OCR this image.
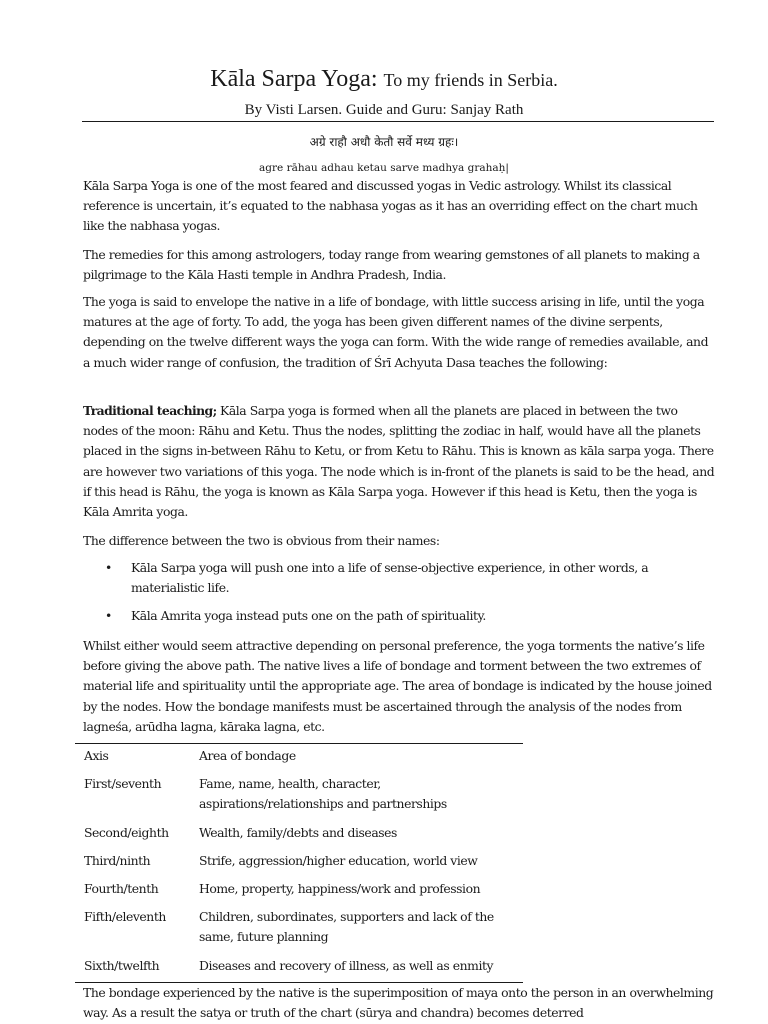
Kāla Sarpa Yoga: To my friends in Serbia.
By Visti Larsen. Guide and Guru: Sanjay Rath
अग्रे राहौ अधौ केतौ सर्वे मध्य ग्रहः।
agre rāhau adhau ketau sarve madhya grahaḥ|

Kāla Sarpa Yoga is one of the most feared and discussed yogas in Vedic astrology. Whilst its classical reference is uncertain, it’s equated to the nabhasa yogas as it has an overriding effect on the chart much like the nabhasa yogas.

The remedies for this among astrologers, today range from wearing gemstones of all planets to making a pilgrimage to the Kāla Hasti temple in Andhra Pradesh, India.

The yoga is said to envelope the native in a life of bondage, with little success arising in life, until the yoga matures at the age of forty. To add, the yoga has been given different names of the divine serpents, depending on the twelve different ways the yoga can form. With the wide range of remedies available, and a much wider range of confusion, the tradition of Śrī Achyuta Dasa teaches the following:

Traditional teaching; Kāla Sarpa yoga is formed when all the planets are placed in between the two nodes of the moon: Rāhu and Ketu. Thus the nodes, splitting the zodiac in half, would have all the planets placed in the signs in-between Rāhu to Ketu, or from Ketu to Rāhu. This is known as kāla sarpa yoga. There are however two variations of this yoga. The node which is in-front of the planets is said to be the head, and if this head is Rāhu, the yoga is known as Kāla Sarpa yoga. However if this head is Ketu, then the yoga is Kāla Amrita yoga.

The difference between the two is obvious from their names:

• Kāla Sarpa yoga will push one into a life of sense-objective experience, in other words, a materialistic life.
• Kāla Amrita yoga instead puts one on the path of spirituality.

Whilst either would seem attractive depending on personal preference, the yoga torments the native’s life before giving the above path. The native lives a life of bondage and torment between the two extremes of material life and spirituality until the appropriate age. The area of bondage is indicated by the house joined by the nodes. How the bondage manifests must be ascertained through the analysis of the nodes from lagneśa, arūdha lagna, kāraka lagna, etc.

Axis	Area of bondage
First/seventh	Fame, name, health, character, aspirations/relationships and partnerships
Second/eighth	Wealth, family/debts and diseases
Third/ninth	Strife, aggression/higher education, world view
Fourth/tenth	Home, property, happiness/work and profession
Fifth/eleventh	Children, subordinates, supporters and lack of the same, future planning
Sixth/twelfth	Diseases and recovery of illness, as well as enmity

The bondage experienced by the native is the superimposition of maya onto the person in an overwhelming way. As a result the satya or truth of the chart (sūrya and chandra) becomes deterred
